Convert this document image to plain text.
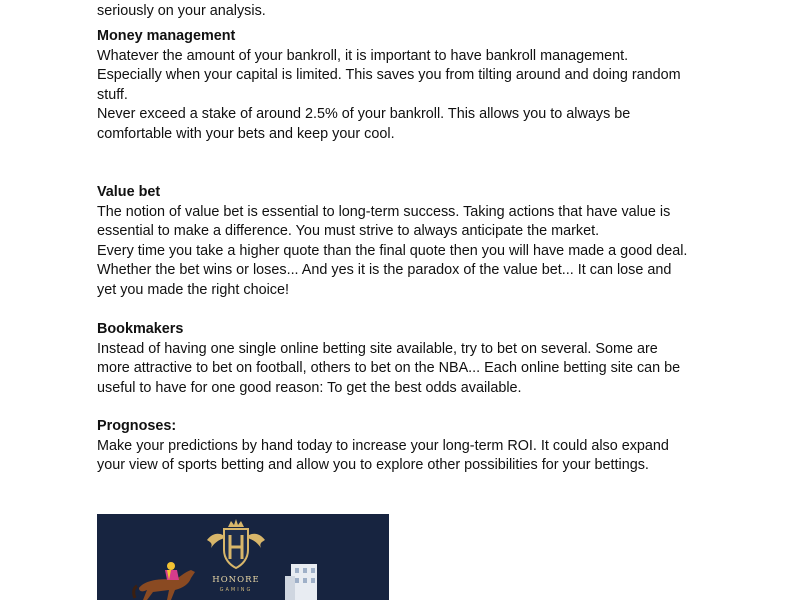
seriously on your analysis.

Money management

Whatever the amount of your bankroll, it is important to have bankroll management.

Especially when your capital is limited. This saves you from tilting around and doing random

stuff.

Never exceed a stake of around 2.5% of your bankroll. This allows you to always be

comfortable with your bets and keep your cool.

Value bet

The notion of value bet is essential to long-term success. Taking actions that have value is

essential to make a difference. You must strive to always anticipate the market.

Every time you take a higher quote than the final quote then you will have made a good deal.

Whether the bet wins or loses... And yes it is the paradox of the value bet... It can lose and

yet you made the right choice!

Bookmakers

Instead of having one single online betting site available, try to bet on several. Some are

more attractive to bet on football, others to bet on the NBA... Each online betting site can be

useful to have for one good reason: To get the best odds available.

Prognoses:

Make your predictions by hand today to increase your long-term ROI. It could also expand

your view of sports betting and allow you to explore other possibilities for your bettings.

HONORE
GAMING
